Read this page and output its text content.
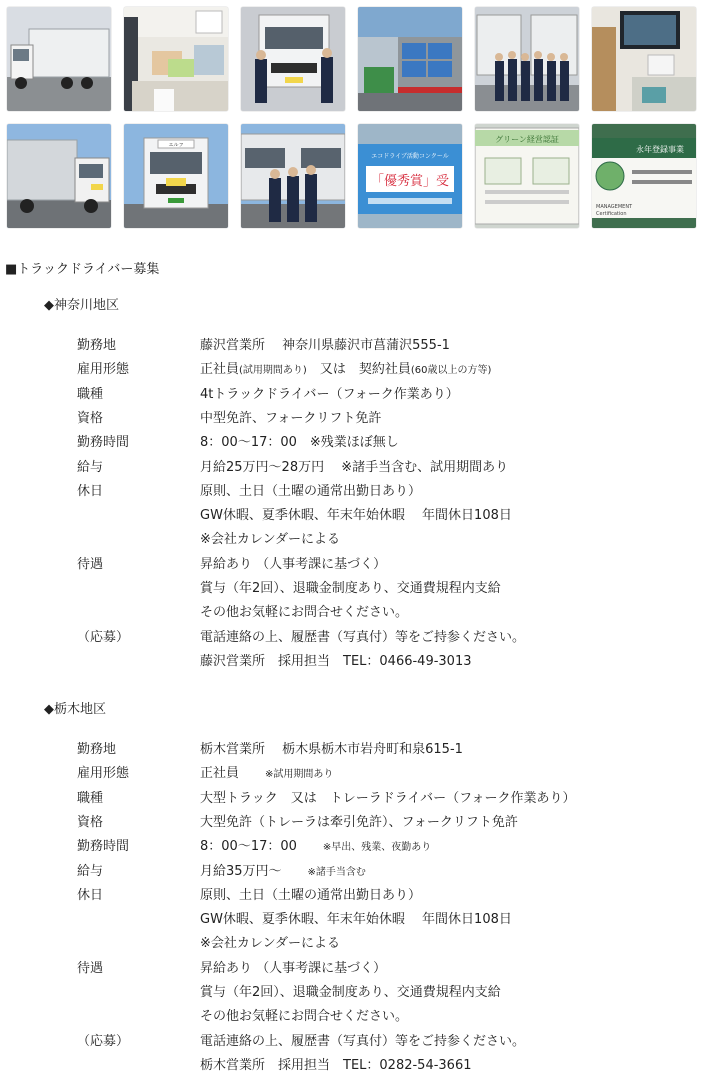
エルフ
エコドライブ活動コンクール
「優秀賞」受
グリーン経営認証
永年登録事業
MANAGEMENT
Certification
■トラックドライバー募集
◆神奈川地区
勤務地	藤沢営業所　 神奈川県藤沢市菖蒲沢555-1
雇用形態	正社員(試用期間あり)　又は　契約社員(60歳以上の方等)
職種	4tトラックドライバー（フォーク作業あり）
資格	中型免許、フォークリフト免許
勤務時間	8：00～17：00　※残業ほぼ無し
給与	月給25万円～28万円　 ※諸手当含む、試用期間あり
休日	原則、土日（土曜の通常出勤日あり）
GW休暇、夏季休暇、年末年始休暇　 年間休日108日
※会社カレンダーによる
待遇	昇給あり （人事考課に基づく）
賞与（年2回）、退職金制度あり、交通費規程内支給
その他お気軽にお問合せください。
（応募）	電話連絡の上、履歴書（写真付）等をご持参ください。
藤沢営業所　採用担当　TEL：0466-49-3013
◆栃木地区
勤務地	栃木営業所　 栃木県栃木市岩舟町和泉615-1
雇用形態	正社員　　※試用期間あり
職種	大型トラック　又は　トレーラドライバー（フォーク作業あり）
資格	大型免許（トレーラは牽引免許）、フォークリフト免許
勤務時間	8：00～17：00　　※早出、残業、夜勤あり
給与	月給35万円～　　※諸手当含む
休日	原則、土日（土曜の通常出勤日あり）
GW休暇、夏季休暇、年末年始休暇　 年間休日108日
※会社カレンダーによる
待遇	昇給あり （人事考課に基づく）
賞与（年2回）、退職金制度あり、交通費規程内支給
その他お気軽にお問合せください。
（応募）	電話連絡の上、履歴書（写真付）等をご持参ください。
栃木営業所　採用担当　TEL：0282-54-3661
